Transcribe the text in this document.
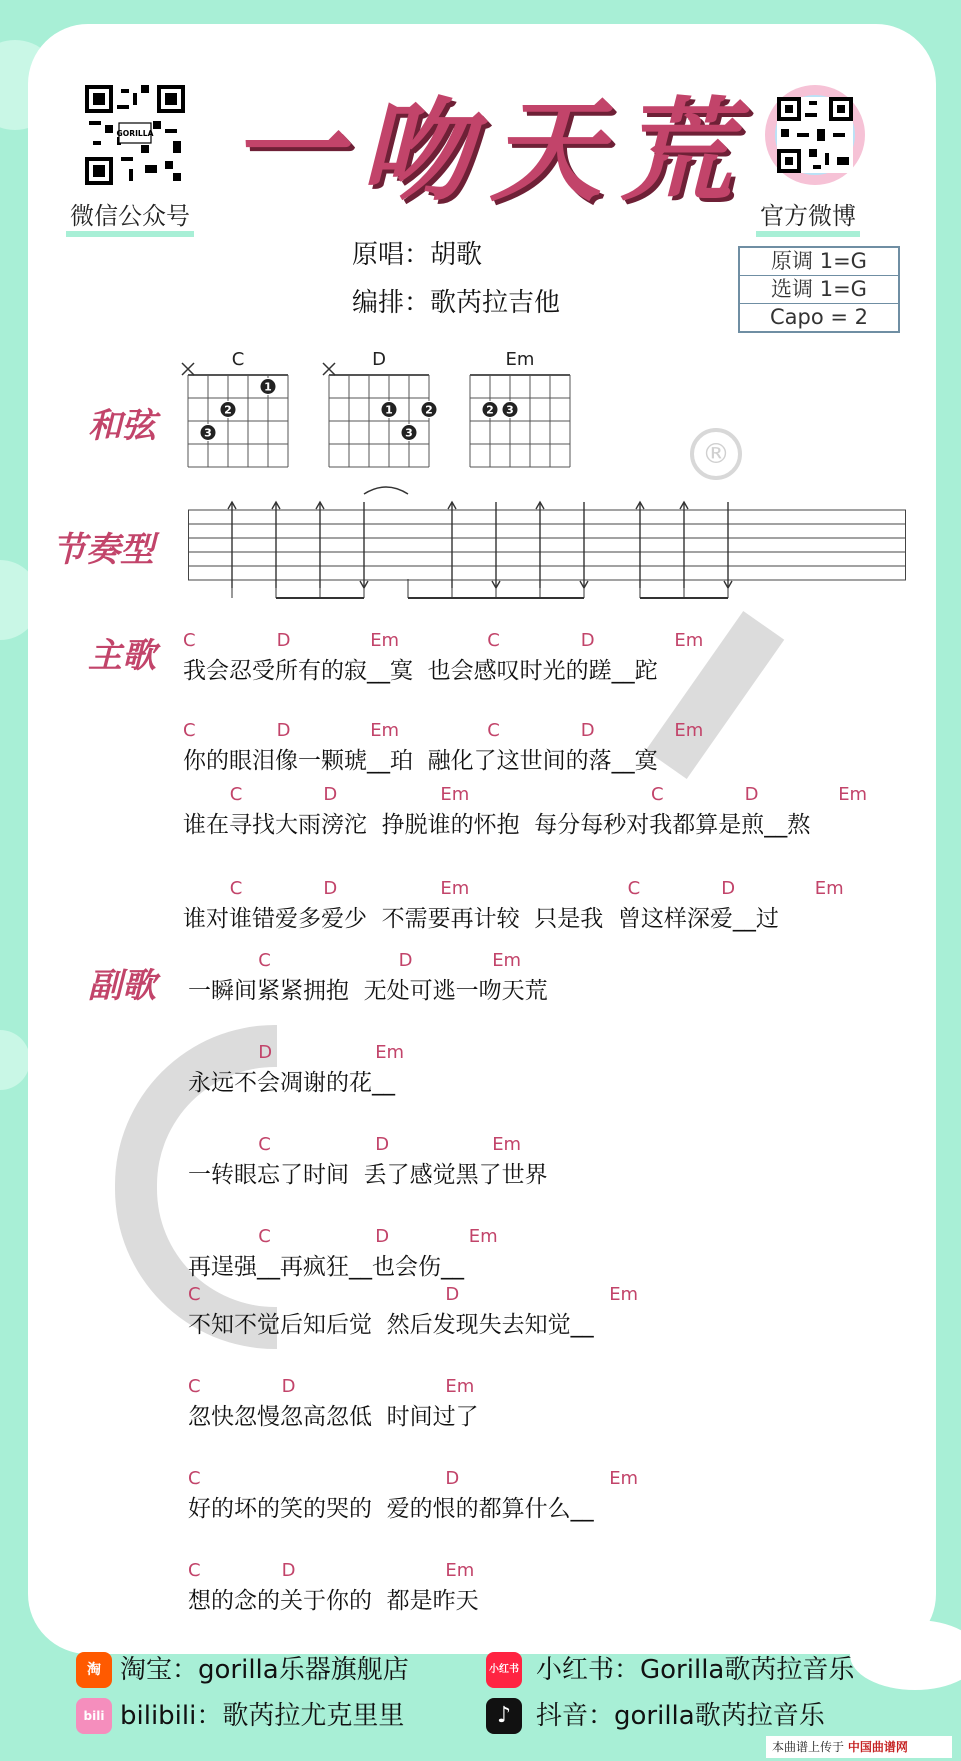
®
GORILLA
微信公众号	官方微博
一吻天荒
原唱：胡歌
编排：歌芮拉吉他
原调 1=G
选调 1=G
Capo = 2
和弦
节奏型
主歌
副歌
C
1
2
3
D
1	2
3
Em
2 3
我会忍受所有的寂__寞  也会感叹时光的蹉__跎
C	D	Em	C	D	Em
你的眼泪像一颗琥__珀  融化了这世间的落__寞
C	D	Em	C	D	Em
谁在寻找大雨滂沱  挣脱谁的怀抱  每分每秒对我都算是煎__熬
C	D	Em	C	D	Em
谁对谁错爱多爱少  不需要再计较  只是我  曾这样深爱__过
C	D	Em	C	D	Em
一瞬间紧紧拥抱  无处可逃一吻天荒
C	D	Em
永远不会凋谢的花__
D	Em
一转眼忘了时间  丢了感觉黑了世界
C	D	Em
再逞强__再疯狂__也会伤__
C	D	Em
不知不觉后知后觉  然后发现失去知觉__
C	D	Em
忽快忽慢忽高忽低  时间过了
C	D	Em
好的坏的笑的哭的  爱的恨的都算什么__
C	D	Em
想的念的关于你的  都是昨天
C	D	Em
淘 淘宝：gorilla乐器旗舰店	小红书 小红书：Gorilla歌芮拉音乐
bili bilibili：歌芮拉尤克里里	♪ 抖音：gorilla歌芮拉音乐
本曲谱上传于 中国曲谱网
